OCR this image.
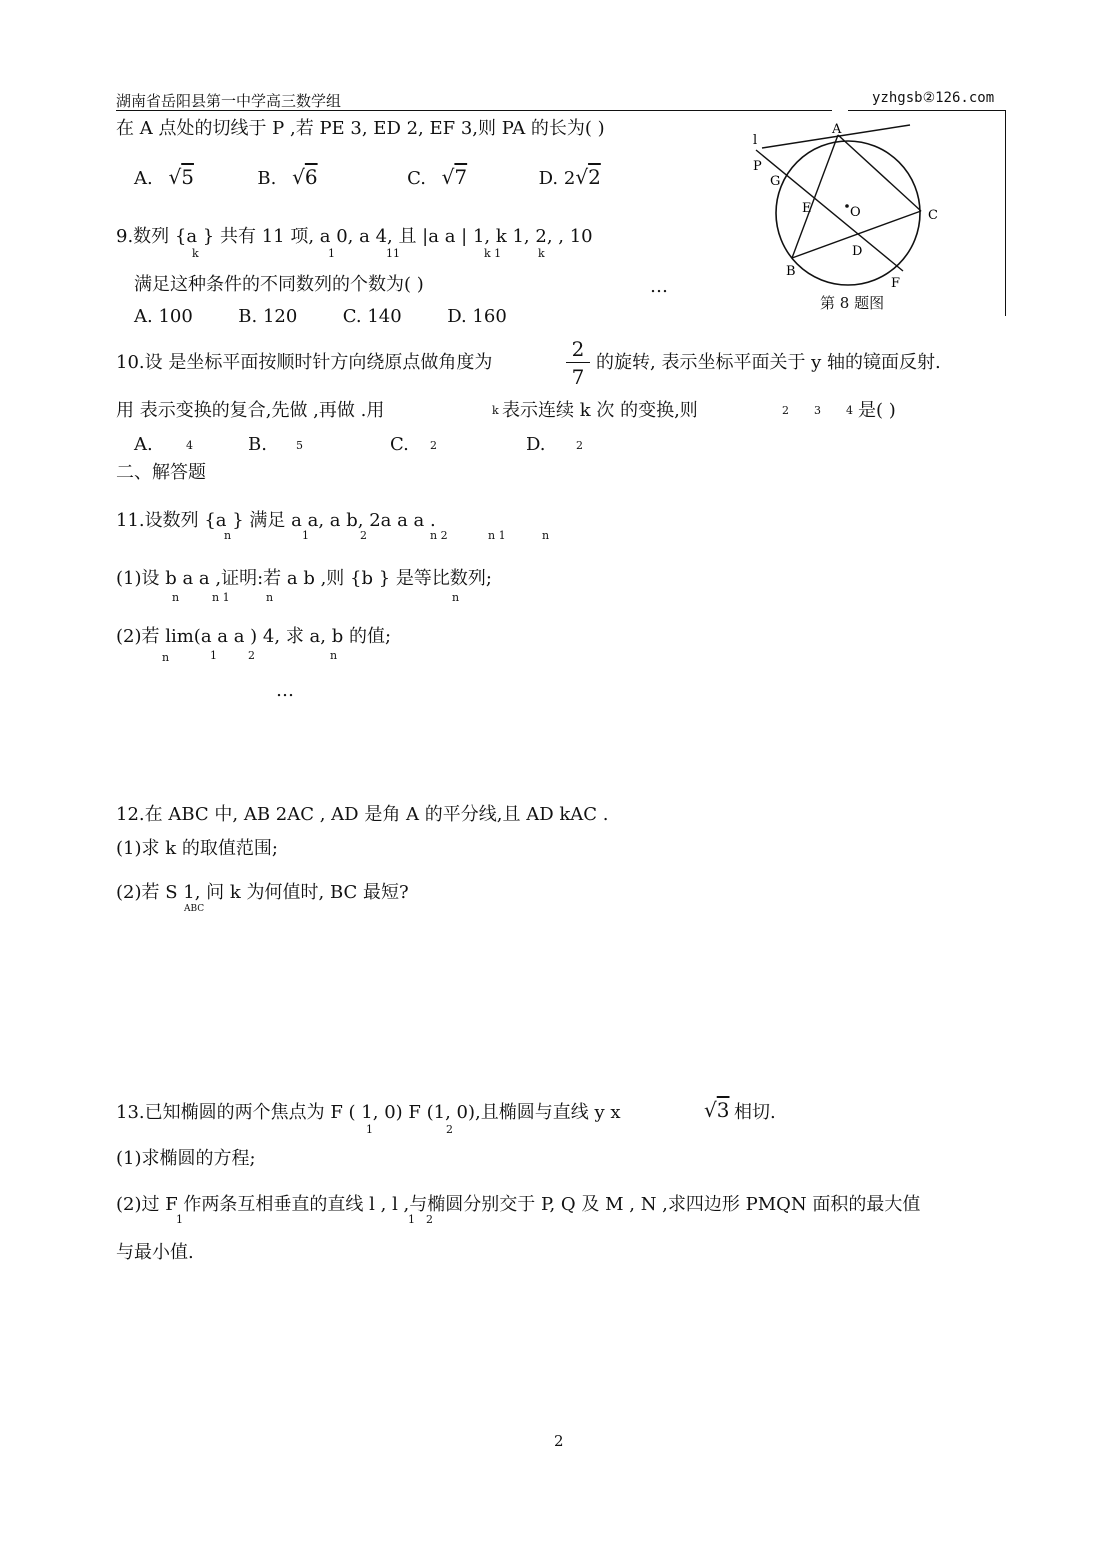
湖南省岳阳县第一中学高三数学组	yzhgsb②126.com
在 A 点处的切线于 P ,若 PE 3, ED 2, EF 3,则 PA 的长为( )
A. √5	B. √6	C. √7	D. 2√2
l
P
G
A
E	O	C
D
B
F
第 8 题图
9.数列 {a } 共有 11 项, a 0, a 4, 且 |a a | 1, k 1, 2, , 10
k	1	11	k 1	k
满足这种条件的不同数列的个数为( )	…
A. 100	B. 120	C. 140	D. 160
10.设 是坐标平面按顺时针方向绕原点做角度为
2
7
的旋转, 表示坐标平面关于 y 轴的镜面反射.
用 表示变换的复合,先做 ,再做 .用	k 表示连续 k 次 的变换,则	2 3 4 是( )
A.	4	B.	5	C. 2	D.	2
二、解答题
11.设数列 {a } 满足 a a, a b, 2a a a .
n	1	2	n 2	n 1	n
(1)设 b a a ,证明:若 a b ,则 {b } 是等比数列;
n	n 1	n	n
(2)若 lim(a a a ) 4, 求 a, b 的值;
n	1	2	n
…
12.在 ABC 中, AB 2AC , AD 是角 A 的平分线,且 AD kAC .
(1)求 k 的取值范围;
(2)若 S 1, 问 k 为何值时, BC 最短?
ABC
13.已知椭圆的两个焦点为 F ( 1, 0) F (1, 0),且椭圆与直线 y x
1	2
√3 相切.
(1)求椭圆的方程;
(2)过 F 作两条互相垂直的直线 l , l ,与椭圆分别交于 P, Q 及 M , N ,求四边形 PMQN 面积的最大值
1	1 2
与最小值.
2
